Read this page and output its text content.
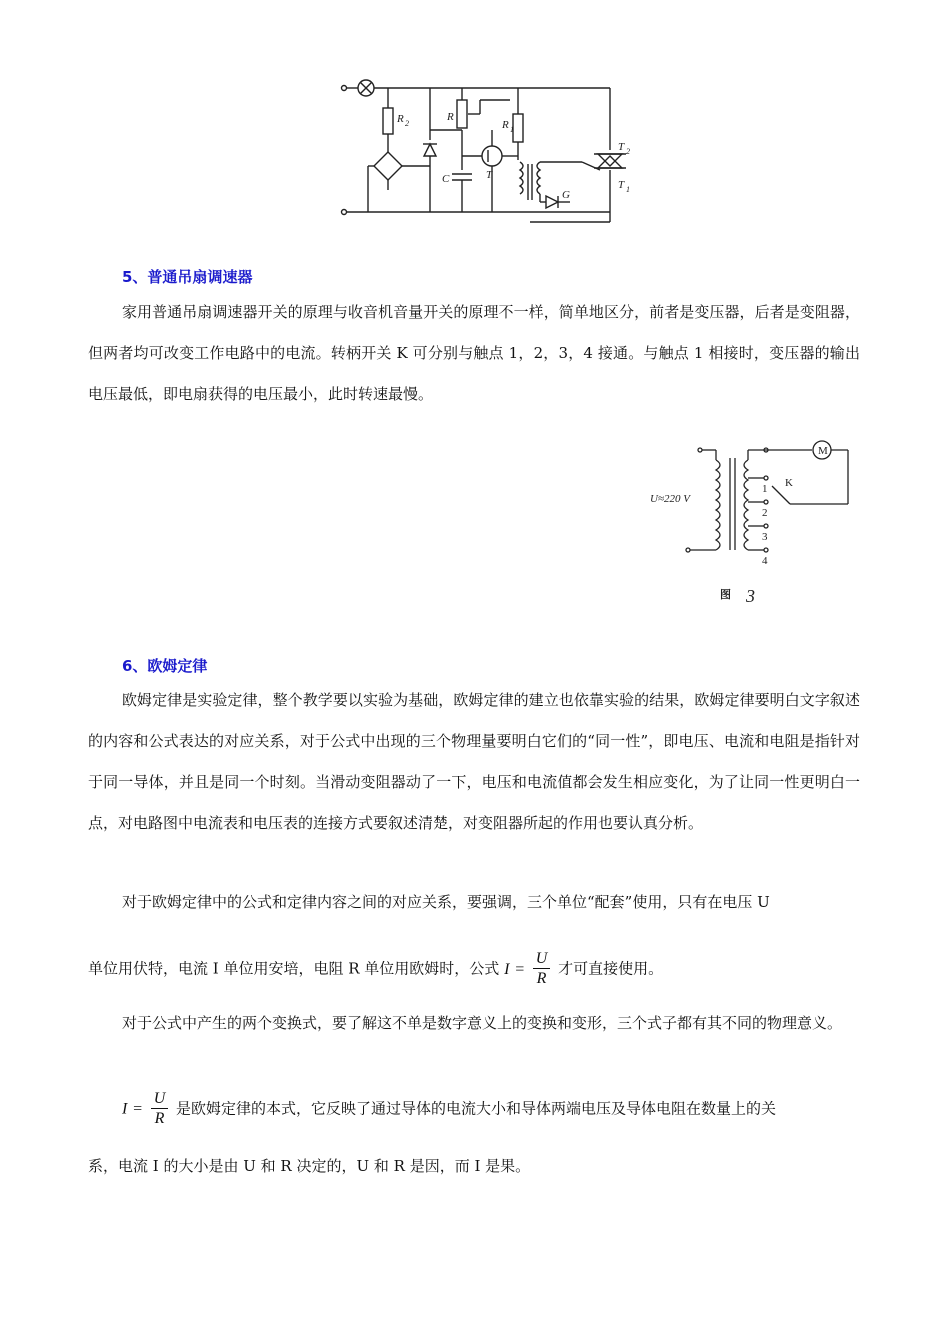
R 2
R
R 1
C	T
T 2
T 1
G
5、普通吊扇调速器
家用普通吊扇调速器开关的原理与收音机音量开关的原理不一样，简单地区分，前者是变压器，后者是变阻器，但两者均可改变工作电路中的电流。转柄开关 K 可分别与触点 1，2，3，4 接通。与触点 1 相接时，变压器的输出电压最低，即电扇获得的电压最小，此时转速最慢。
M
K
U≈220 V
1
2
3
4
图 3
6、欧姆定律
欧姆定律是实验定律，整个教学要以实验为基础，欧姆定律的建立也依靠实验的结果，欧姆定律要明白文字叙述的内容和公式表达的对应关系，对于公式中出现的三个物理量要明白它们的“同一性”，即电压、电流和电阻是指针对于同一导体，并且是同一个时刻。当滑动变阻器动了一下，电压和电流值都会发生相应变化，为了让同一性更明白一点，对电路图中电流表和电压表的连接方式要叙述清楚，对变阻器所起的作用也要认真分析。
对于欧姆定律中的公式和定律内容之间的对应关系，要强调，三个单位“配套”使用，只有在电压 U
单位用伏特，电流 I 单位用安培，电阻 R 单位用欧姆时，公式 $I = \frac{U}{R}$ 才可直接使用。
对于公式中产生的两个变换式，要了解这不单是数字意义上的变换和变形，三个式子都有其不同的物理意义。
$I = \frac{U}{R}$ 是欧姆定律的本式，它反映了通过导体的电流大小和导体两端电压及导体电阻在数量上的关
系，电流 I 的大小是由 U 和 R 决定的，U 和 R 是因，而 I 是果。
